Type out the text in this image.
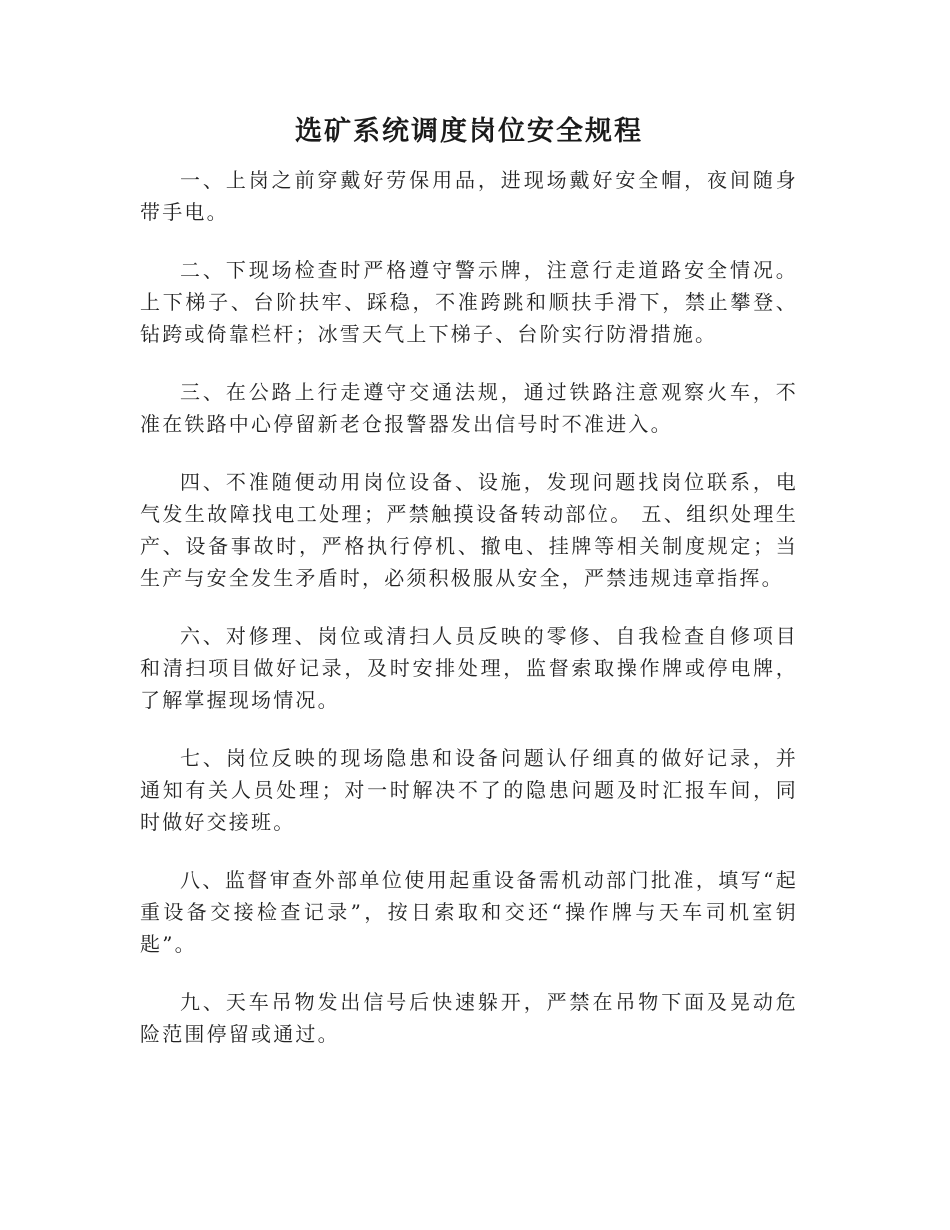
选矿系统调度岗位安全规程

一、上岗之前穿戴好劳保用品，进现场戴好安全帽，夜间随身带手电。

二、下现场检查时严格遵守警示牌，注意行走道路安全情况。上下梯子、台阶扶牢、踩稳，不准跨跳和顺扶手滑下，禁止攀登、钻跨或倚靠栏杆；冰雪天气上下梯子、台阶实行防滑措施。

三、在公路上行走遵守交通法规，通过铁路注意观察火车，不准在铁路中心停留新老仓报警器发出信号时不准进入。

四、不准随便动用岗位设备、设施，发现问题找岗位联系，电气发生故障找电工处理；严禁触摸设备转动部位。 五、组织处理生产、设备事故时，严格执行停机、撤电、挂牌等相关制度规定；当生产与安全发生矛盾时，必须积极服从安全，严禁违规违章指挥。

六、对修理、岗位或清扫人员反映的零修、自我检查自修项目和清扫项目做好记录，及时安排处理，监督索取操作牌或停电牌，了解掌握现场情况。

七、岗位反映的现场隐患和设备问题认仔细真的做好记录，并通知有关人员处理；对一时解决不了的隐患问题及时汇报车间，同时做好交接班。

八、监督审查外部单位使用起重设备需机动部门批准，填写“起重设备交接检查记录”，按日索取和交还“操作牌与天车司机室钥匙”。

九、天车吊物发出信号后快速躲开，严禁在吊物下面及晃动危险范围停留或通过。
